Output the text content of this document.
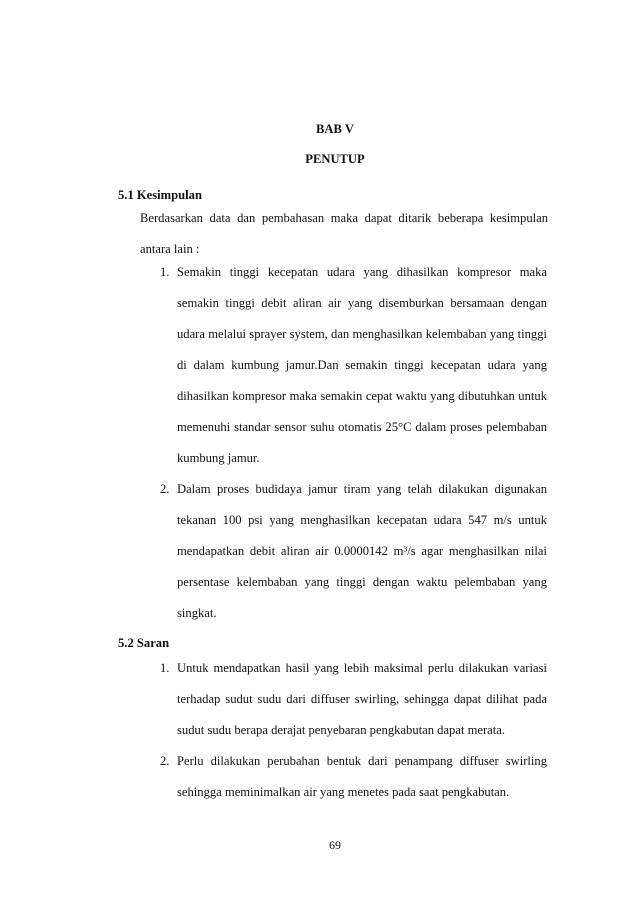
BAB V
PENUTUP
5.1 Kesimpulan
Berdasarkan data dan pembahasan maka dapat ditarik beberapa kesimpulan antara lain :
1. Semakin tinggi kecepatan udara yang dihasilkan kompresor maka semakin tinggi debit aliran air yang disemburkan bersamaan dengan udara melalui sprayer system, dan menghasilkan kelembaban yang tinggi di dalam kumbung jamur.Dan semakin tinggi kecepatan udara yang dihasilkan kompresor maka semakin cepat waktu yang dibutuhkan untuk memenuhi standar sensor suhu otomatis 25°C dalam proses pelembaban kumbung jamur.
2. Dalam proses budidaya jamur tiram yang telah dilakukan digunakan tekanan 100 psi yang menghasilkan kecepatan udara 547 m/s untuk mendapatkan debit aliran air 0.0000142 m³/s agar menghasilkan nilai persentase kelembaban yang tinggi dengan waktu pelembaban yang singkat.
5.2 Saran
1. Untuk mendapatkan hasil yang lebih maksimal perlu dilakukan variasi terhadap sudut sudu dari diffuser swirling, sehingga dapat dilihat pada sudut sudu berapa derajat penyebaran pengkabutan dapat merata.
2. Perlu dilakukan perubahan bentuk dari penampang diffuser swirling sehingga meminimalkan air yang menetes pada saat pengkabutan.
69
